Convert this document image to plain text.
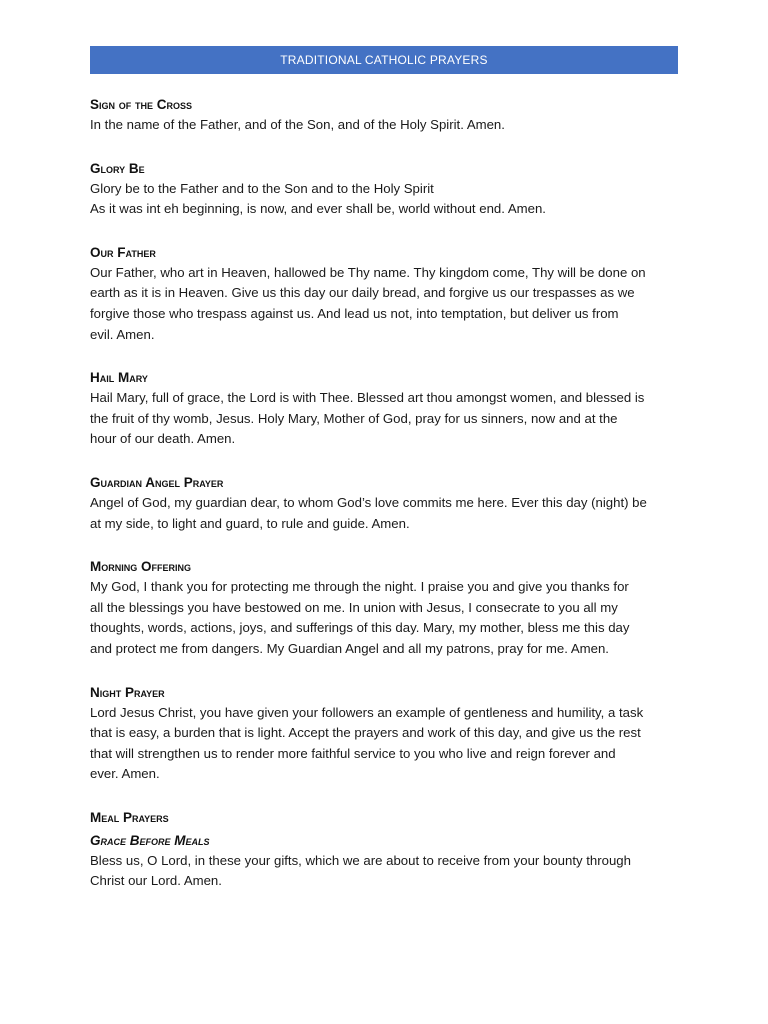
TRADITIONAL CATHOLIC PRAYERS

Sign of the Cross

In the name of the Father, and of the Son, and of the Holy Spirit. Amen.

Glory Be

Glory be to the Father and to the Son and to the Holy Spirit

As it was int eh beginning, is now, and ever shall be, world without end. Amen.

Our Father

Our Father, who art in Heaven, hallowed be Thy name. Thy kingdom come, Thy will be done on

earth as it is in Heaven. Give us this day our daily bread, and forgive us our trespasses as we

forgive those who trespass against us. And lead us not, into temptation, but deliver us from

evil. Amen.

Hail Mary

Hail Mary, full of grace, the Lord is with Thee. Blessed art thou amongst women, and blessed is

the fruit of thy womb, Jesus. Holy Mary, Mother of God, pray for us sinners, now and at the

hour of our death. Amen.

Guardian Angel Prayer

Angel of God, my guardian dear, to whom God’s love commits me here. Ever this day (night) be

at my side, to light and guard, to rule and guide. Amen.

Morning Offering

My God, I thank you for protecting me through the night. I praise you and give you thanks for

all the blessings you have bestowed on me. In union with Jesus, I consecrate to you all my

thoughts, words, actions, joys, and sufferings of this day. Mary, my mother, bless me this day

and protect me from dangers. My Guardian Angel and all my patrons, pray for me. Amen.

Night Prayer

Lord Jesus Christ, you have given your followers an example of gentleness and humility, a task

that is easy, a burden that is light. Accept the prayers and work of this day, and give us the rest

that will strengthen us to render more faithful service to you who live and reign forever and

ever. Amen.

Meal Prayers

Grace Before Meals

Bless us, O Lord, in these your gifts, which we are about to receive from your bounty through

Christ our Lord. Amen.
